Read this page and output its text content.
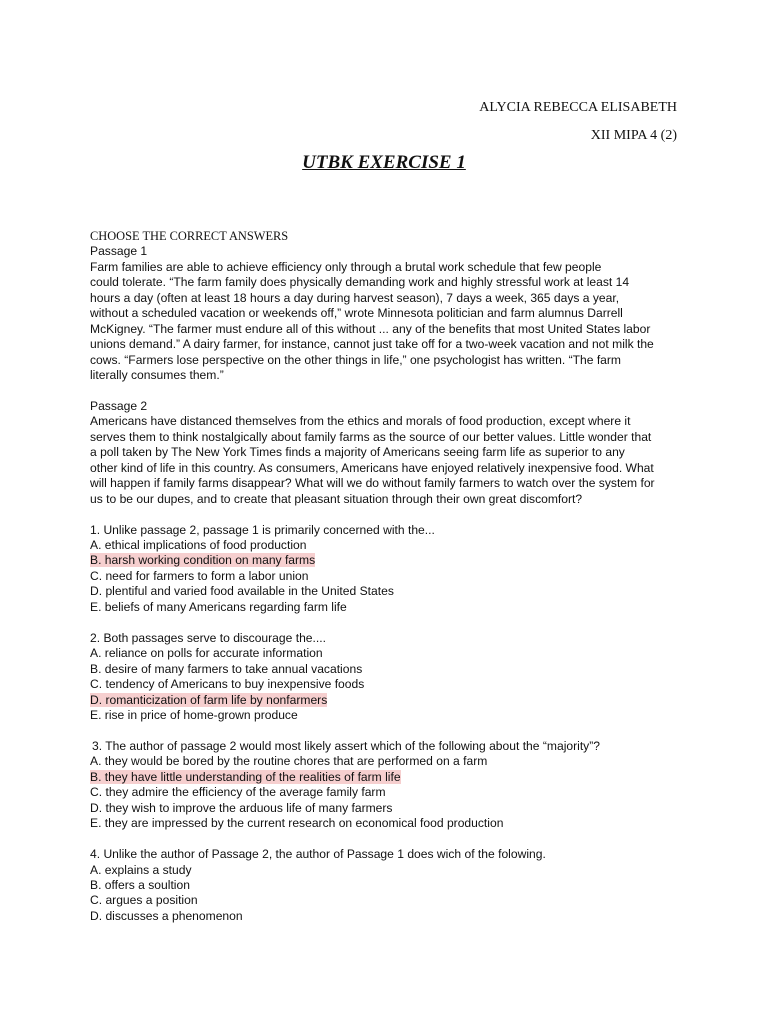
ALYCIA REBECCA ELISABETH
XII MIPA 4 (2)
UTBK EXERCISE 1
CHOOSE THE CORRECT ANSWERS
Passage 1
Farm families are able to achieve efficiency only through a brutal work schedule that few people
could tolerate. “The farm family does physically demanding work and highly stressful work at least 14
hours a day (often at least 18 hours a day during harvest season), 7 days a week, 365 days a year,
without a scheduled vacation or weekends off,” wrote Minnesota politician and farm alumnus Darrell
McKigney. “The farmer must endure all of this without ... any of the benefits that most United States labor
unions demand.” A dairy farmer, for instance, cannot just take off for a two-week vacation and not milk the
cows. “Farmers lose perspective on the other things in life,” one psychologist has written. “The farm
literally consumes them.”
Passage 2
Americans have distanced themselves from the ethics and morals of food production, except where it
serves them to think nostalgically about family farms as the source of our better values. Little wonder that
a poll taken by The New York Times finds a majority of Americans seeing farm life as superior to any
other kind of life in this country. As consumers, Americans have enjoyed relatively inexpensive food. What
will happen if family farms disappear? What will we do without family farmers to watch over the system for
us to be our dupes, and to create that pleasant situation through their own great discomfort?
1. Unlike passage 2, passage 1 is primarily concerned with the...
A. ethical implications of food production
B. harsh working condition on many farms
C. need for farmers to form a labor union
D. plentiful and varied food available in the United States
E. beliefs of many Americans regarding farm life
2. Both passages serve to discourage the....
A. reliance on polls for accurate information
B. desire of many farmers to take annual vacations
C. tendency of Americans to buy inexpensive foods
D. romanticization of farm life by nonfarmers
E. rise in price of home-grown produce
3. The author of passage 2 would most likely assert which of the following about the “majority”?
A. they would be bored by the routine chores that are performed on a farm
B. they have little understanding of the realities of farm life
C. they admire the efficiency of the average family farm
D. they wish to improve the arduous life of many farmers
E. they are impressed by the current research on economical food production
4. Unlike the author of Passage 2, the author of Passage 1 does wich of the folowing.
A. explains a study
B. offers a soultion
C. argues a position
D. discusses a phenomenon
